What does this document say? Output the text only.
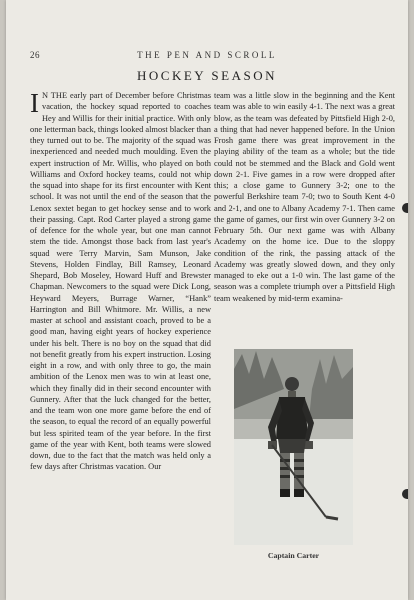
26	THE PEN AND SCROLL
HOCKEY SEASON

I N THE early part of December before Christmas vacation, the hockey squad reported to coaches Hey and Willis for their initial practice. With only one letterman back, things looked almost blacker than they turned out to be. The majority of the squad was inexperienced and needed much moulding. Even the expert instruction of Mr. Willis, who played on both Williams and Oxford hockey teams, could not whip the squad into shape for its first encounter with Kent school. It was not until the end of the season that the Lenox sextet began to get hockey sense and to work their passing. Capt. Rod Carter played a strong game of defence for the whole year, but one man cannot stem the tide. Amongst those back from last year's squad were Terry Marvin, Sam Munson, Jake Stevens, Holden Findlay, Bill Ramsey, Leonard Shepard, Bob Moseley, Howard Huff and Brewster Chapman. Newcomers to the squad were Dick Long, Heyward Meyers, Burrage Warner, “Hank” Harrington and Bill Whitmore. Mr. Willis, a new master at school and assistant coach, proved to be a good man, having eight years of hockey experience under his belt. There is no boy on the squad that did not benefit greatly from his expert instruction. Losing eight in a row, and with only three to go, the main ambition of the Lenox men was to win at least one, which they finally did in their second encounter with Gunnery. After that the luck changed for the better, and the team won one more game before the end of the season, to equal the record of an equally powerful but less spirited team of the year before. In the first game of the year with Kent, both teams were slowed down, due to the fact that the match was held only a few days after Christmas vacation. Our

team was a little slow in the beginning and the Kent team was able to win easily 4-1. The next was a great blow, as the team was defeated by Pittsfield High 2-0, a thing that had never happened before. In the Union Frosh game there was great improvement in the playing ability of the team as a whole; but the tide could not be stemmed and the Black and Gold went down 2-1. Five games in a row were dropped after this; a close game to Gunnery 3-2; one to the powerful Berkshire team 7-0; two to South Kent 4-0 and 2-1, and one to Albany Academy 7-1. Then came the game of games, our first win over Gunnery 3-2 on February 5th. Our next game was with Albany Academy on the home ice. Due to the sloppy condition of the rink, the passing attack of the Academy was greatly slowed down, and they only managed to eke out a 1-0 win. The last game of the season was a complete triumph over a Pittsfield High team weakened by mid-term examina-

Captain Carter
